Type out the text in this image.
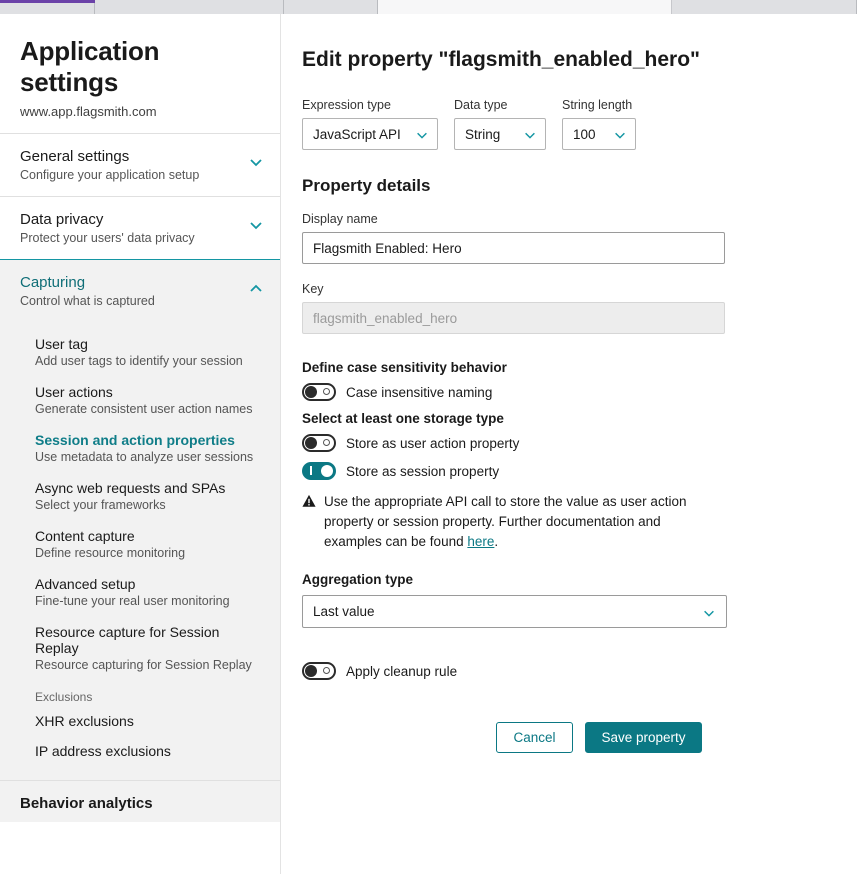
Application settings
www.app.flagsmith.com
General settings
Configure your application setup
Data privacy
Protect your users' data privacy
Capturing
Control what is captured
User tag
Add user tags to identify your session
User actions
Generate consistent user action names
Session and action properties
Use metadata to analyze user sessions
Async web requests and SPAs
Select your frameworks
Content capture
Define resource monitoring
Advanced setup
Fine-tune your real user monitoring
Resource capture for Session Replay
Resource capturing for Session Replay
Exclusions
XHR exclusions
IP address exclusions
Behavior analytics
Edit property "flagsmith_enabled_hero"
Expression type
JavaScript API
Data type
String
String length
100
Property details
Display name
Flagsmith Enabled: Hero
Key
flagsmith_enabled_hero
Define case sensitivity behavior
Case insensitive naming
Select at least one storage type
Store as user action property
Store as session property
Use the appropriate API call to store the value as user action property or session property. Further documentation and examples can be found here.
Aggregation type
Last value
Apply cleanup rule
Cancel	Save property
